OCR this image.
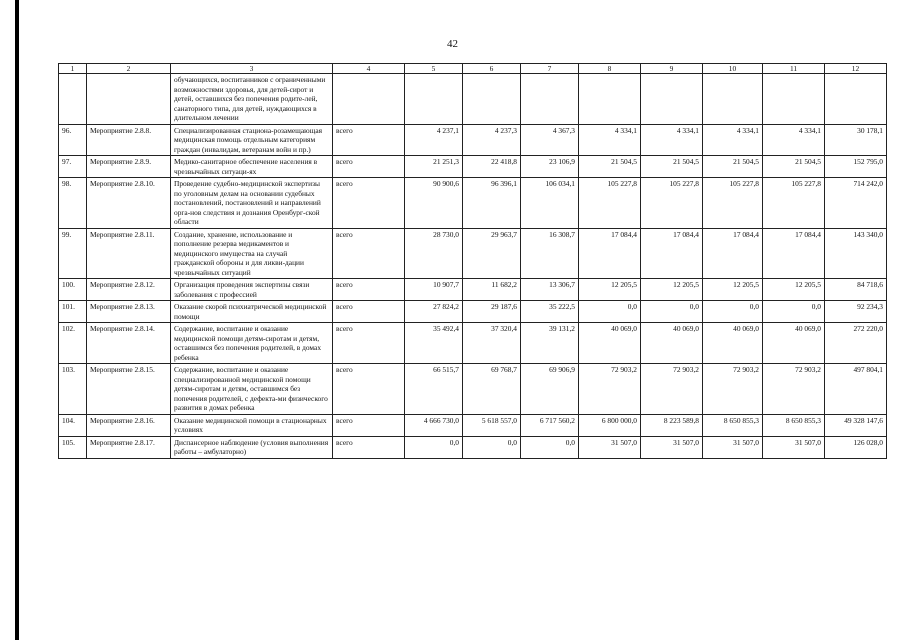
42
1	2	3	4	5	6	7	8	9	10	11	12
		обучающихся, воспитанников с ограниченными возможностями здоровья, для детей-сирот и детей, оставшихся без попечения родите-лей, санаторного типа, для детей, нуждающихся в длительном лечении									
96.	Мероприятие 2.8.8.	Специализированная стациона-розамещающая медицинская помощь отдельным категориям граждан (инвалидам, ветеранам войн и пр.)	всего	4 237,1	4 237,3	4 367,3	4 334,1	4 334,1	4 334,1	4 334,1	30 178,1
97.	Мероприятие 2.8.9.	Медико-санитарное обеспечение населения в чрезвычайных ситуаци-ях	всего	21 251,3	22 418,8	23 106,9	21 504,5	21 504,5	21 504,5	21 504,5	152 795,0
98.	Мероприятие 2.8.10.	Проведение судебно-медицинской экспертизы по уголовным делам на основании судебных постановлений, постановлений и направлений орга-нов следствия и дознания Оренбург-ской области	всего	90 900,6	96 396,1	106 034,1	105 227,8	105 227,8	105 227,8	105 227,8	714 242,0
99.	Мероприятие 2.8.11.	Создание, хранение, использование и пополнение резерва медикаментов и медицинского имущества на случай гражданской обороны и для ликви-дации чрезвычайных ситуаций	всего	28 730,0	29 963,7	16 308,7	17 084,4	17 084,4	17 084,4	17 084,4	143 340,0
100.	Мероприятие 2.8.12.	Организация проведения экспертизы связи заболевания с профессией	всего	10 907,7	11 682,2	13 306,7	12 205,5	12 205,5	12 205,5	12 205,5	84 718,6
101.	Мероприятие 2.8.13.	Оказание скорой психиатрической медицинской помощи	всего	27 824,2	29 187,6	35 222,5	0,0	0,0	0,0	0,0	92 234,3
102.	Мероприятие 2.8.14.	Содержание, воспитание и оказание медицинской помощи детям-сиротам и детям, оставшимся без попечения родителей, в домах ребенка	всего	35 492,4	37 320,4	39 131,2	40 069,0	40 069,0	40 069,0	40 069,0	272 220,0
103.	Мероприятие 2.8.15.	Содержание, воспитание и оказание специализированной медицинской помощи детям-сиротам и детям, оставшимся без попечения родителей, с дефекта-ми физического развития в домах ребенка	всего	66 515,7	69 768,7	69 906,9	72 903,2	72 903,2	72 903,2	72 903,2	497 804,1
104.	Мероприятие 2.8.16.	Оказание медицинской помощи в стационарных условиях	всего	4 666 730,0	5 618 557,0	6 717 560,2	6 800 000,0	8 223 589,8	8 650 855,3	8 650 855,3	49 328 147,6
105.	Мероприятие 2.8.17.	Диспансерное наблюдение (условия выполнения работы – амбулаторно)	всего	0,0	0,0	0,0	31 507,0	31 507,0	31 507,0	31 507,0	126 028,0
